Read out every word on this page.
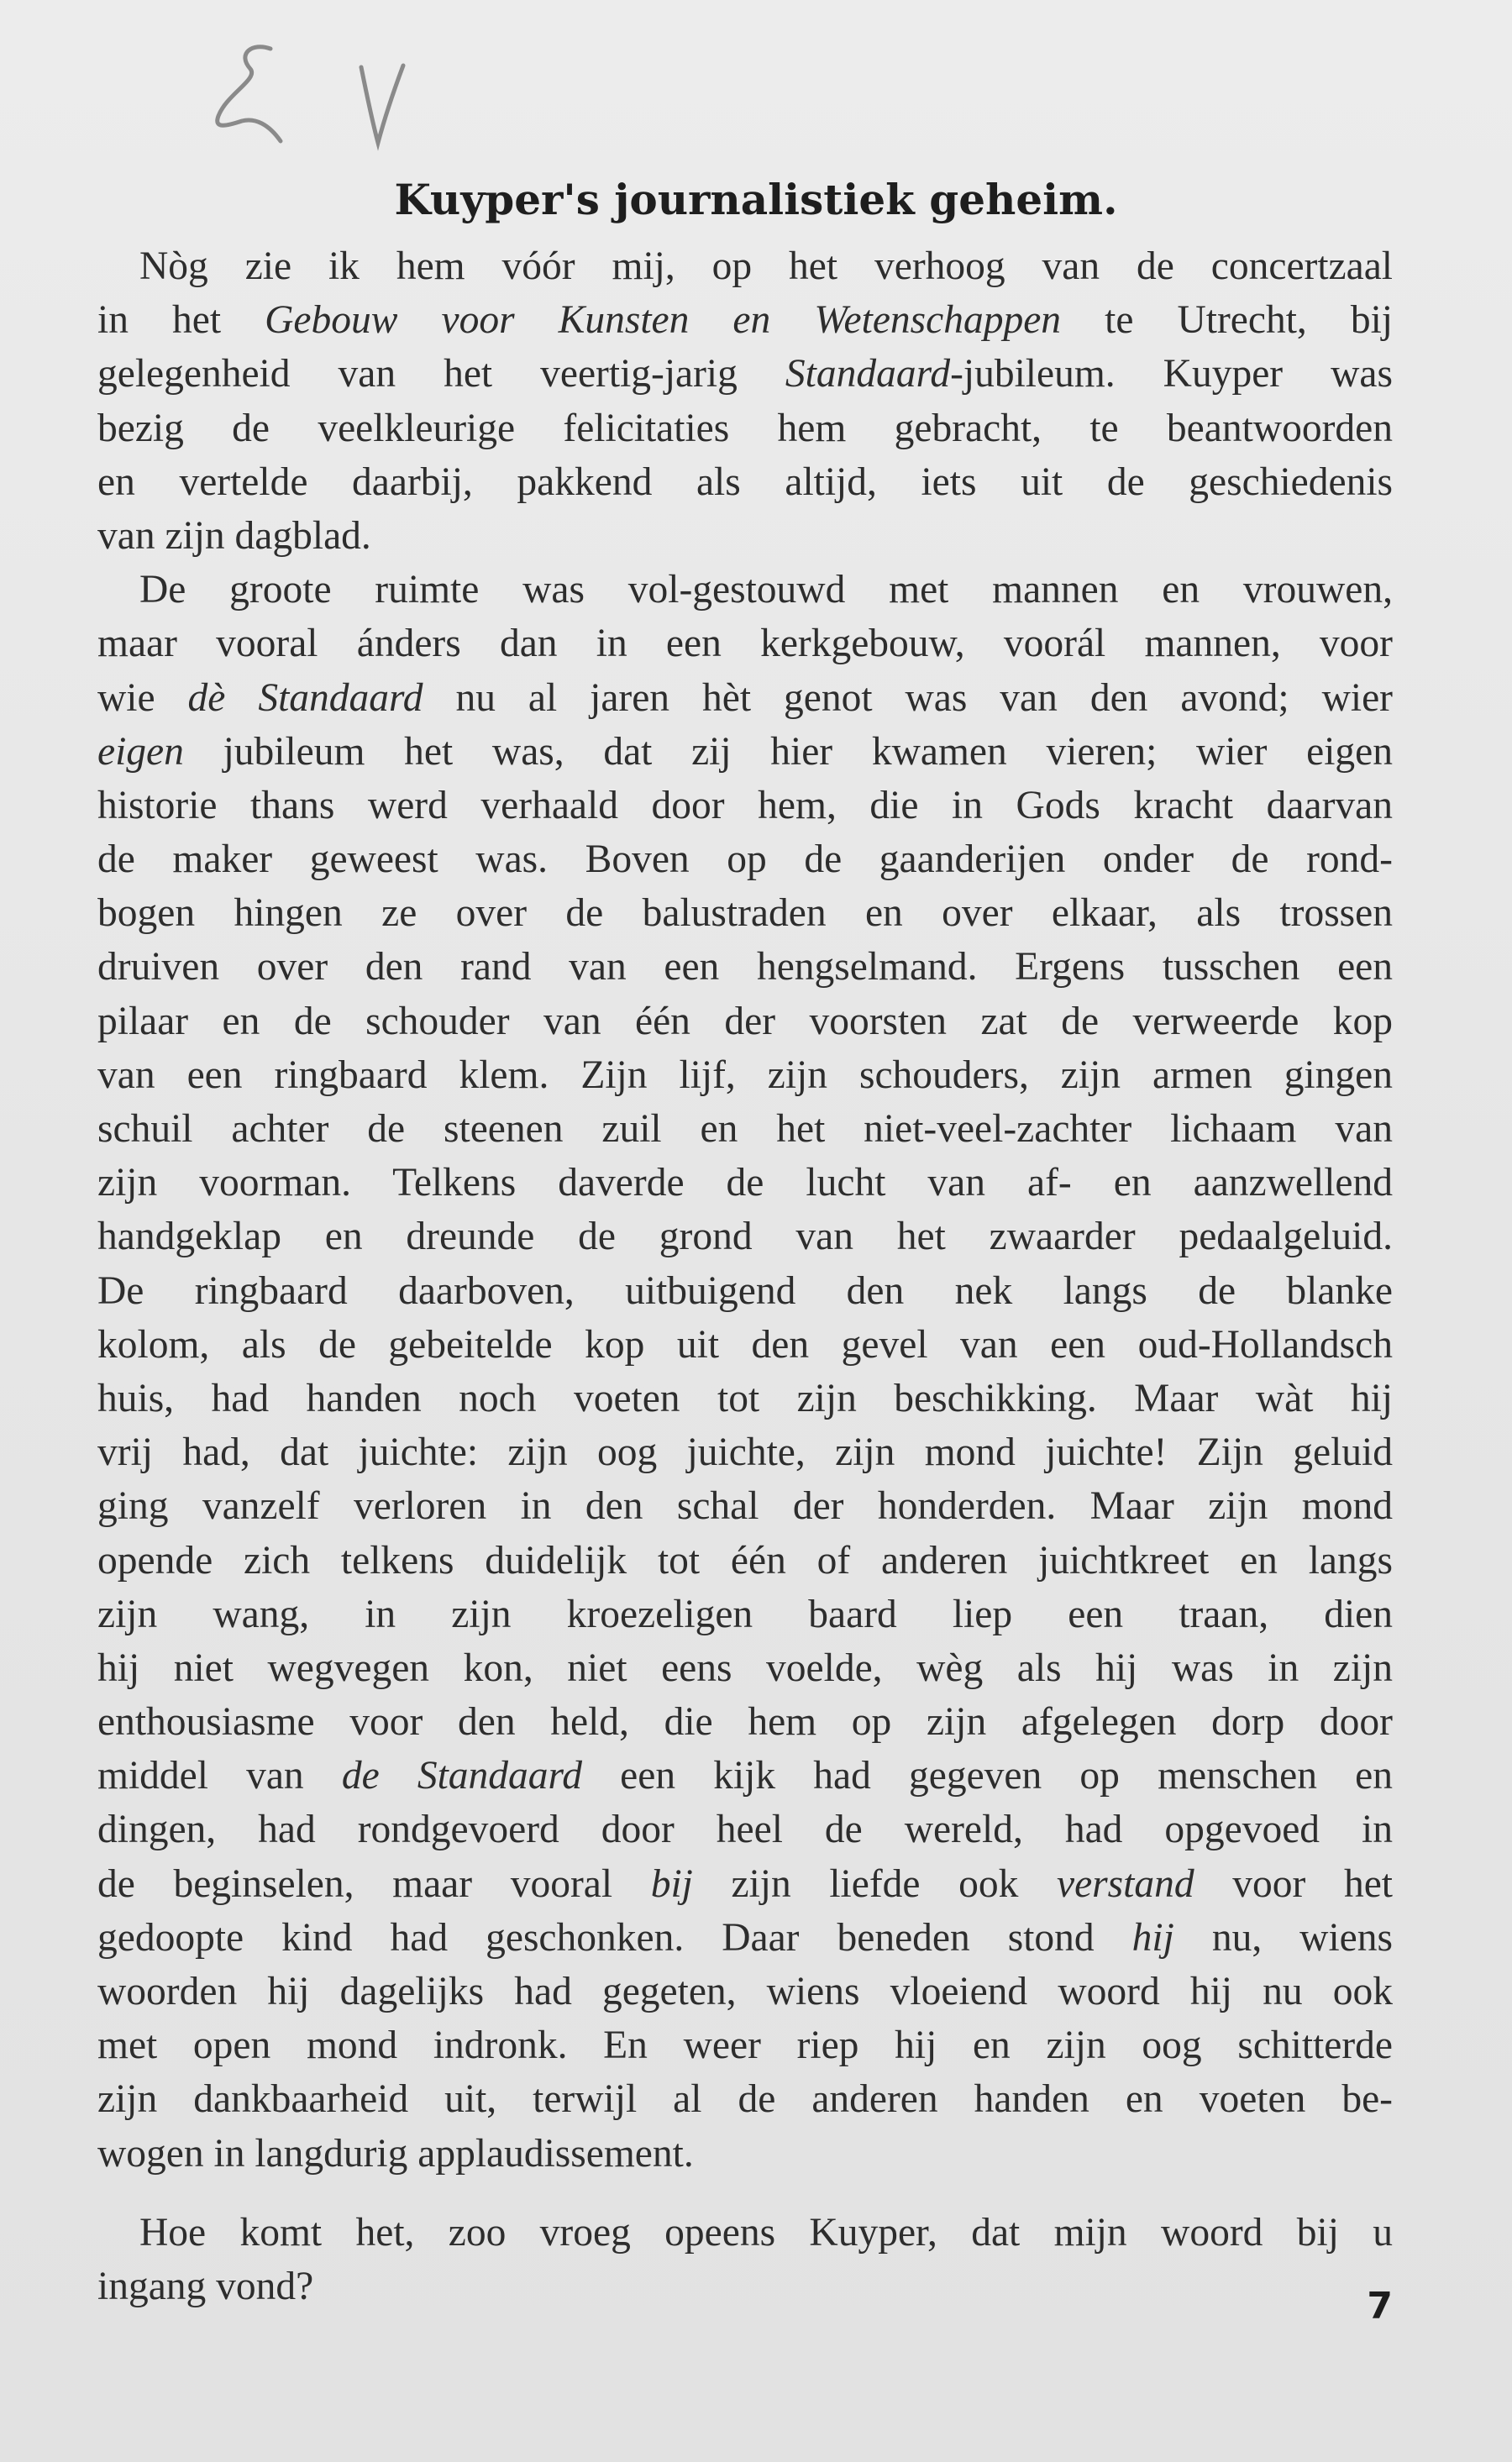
Kuyper's journalistiek geheim.
Nòg zie ik hem vóór mij, op het verhoog van de concertzaal
in het Gebouw voor Kunsten en Wetenschappen te Utrecht, bij
gelegenheid van het veertig-jarig Standaard-jubileum. Kuyper was
bezig de veelkleurige felicitaties hem gebracht, te beantwoorden
en vertelde daarbij, pakkend als altijd, iets uit de geschiedenis
van zijn dagblad.
De groote ruimte was vol-gestouwd met mannen en vrouwen,
maar vooral ánders dan in een kerkgebouw, voorál mannen, voor
wie dè Standaard nu al jaren hèt genot was van den avond; wier
eigen jubileum het was, dat zij hier kwamen vieren; wier eigen
historie thans werd verhaald door hem, die in Gods kracht daarvan
de maker geweest was. Boven op de gaanderijen onder de rond-
bogen hingen ze over de balustraden en over elkaar, als trossen
druiven over den rand van een hengselmand. Ergens tusschen een
pilaar en de schouder van één der voorsten zat de verweerde kop
van een ringbaard klem. Zijn lijf, zijn schouders, zijn armen gingen
schuil achter de steenen zuil en het niet-veel-zachter lichaam van
zijn voorman. Telkens daverde de lucht van af- en aanzwellend
handgeklap en dreunde de grond van het zwaarder pedaalgeluid.
De ringbaard daarboven, uitbuigend den nek langs de blanke
kolom, als de gebeitelde kop uit den gevel van een oud-Hollandsch
huis, had handen noch voeten tot zijn beschikking. Maar wàt hij
vrij had, dat juichte: zijn oog juichte, zijn mond juichte! Zijn geluid
ging vanzelf verloren in den schal der honderden. Maar zijn mond
opende zich telkens duidelijk tot één of anderen juichtkreet en langs
zijn wang, in zijn kroezeligen baard liep een traan, dien
hij niet wegvegen kon, niet eens voelde, wèg als hij was in zijn
enthousiasme voor den held, die hem op zijn afgelegen dorp door
middel van de Standaard een kijk had gegeven op menschen en
dingen, had rondgevoerd door heel de wereld, had opgevoed in
de beginselen, maar vooral bij zijn liefde ook verstand voor het
gedoopte kind had geschonken. Daar beneden stond hij nu, wiens
woorden hij dagelijks had gegeten, wiens vloeiend woord hij nu ook
met open mond indronk. En weer riep hij en zijn oog schitterde
zijn dankbaarheid uit, terwijl al de anderen handen en voeten be-
wogen in langdurig applaudissement.
Hoe komt het, zoo vroeg opeens Kuyper, dat mijn woord bij u
ingang vond?	7
